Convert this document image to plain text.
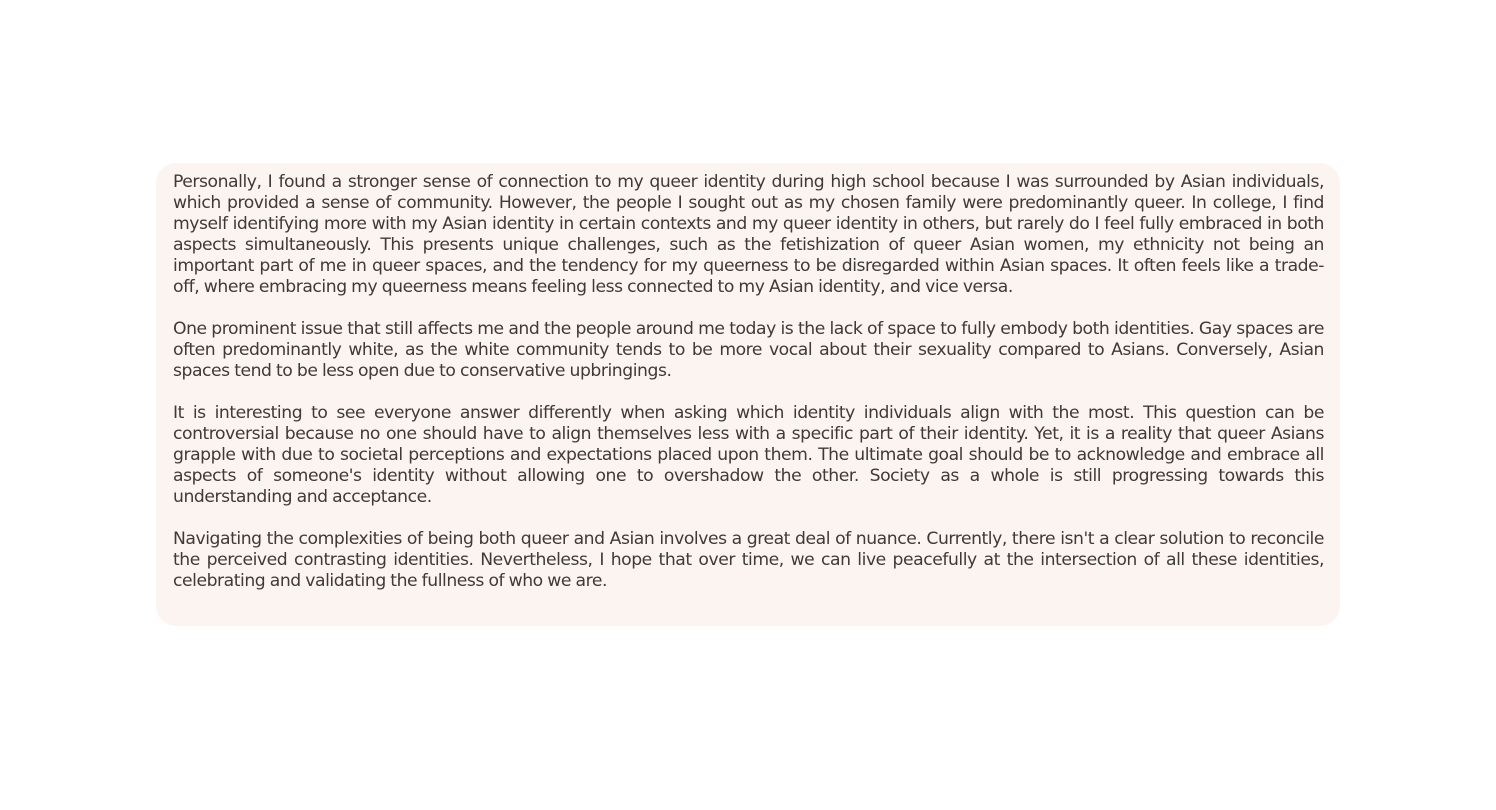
Personally, I found a stronger sense of connection to my queer identity during high school because I was surrounded by Asian individuals, which provided a sense of community. However, the people I sought out as my chosen family were predominantly queer. In college, I find myself identifying more with my Asian identity in certain contexts and my queer identity in others, but rarely do I feel fully embraced in both aspects simultaneously. This presents unique challenges, such as the fetishization of queer Asian women, my ethnicity not being an important part of me in queer spaces, and the tendency for my queerness to be disregarded within Asian spaces. It often feels like a trade-off, where embracing my queerness means feeling less connected to my Asian identity, and vice versa.

One prominent issue that still affects me and the people around me today is the lack of space to fully embody both identities. Gay spaces are often predominantly white, as the white community tends to be more vocal about their sexuality compared to Asians. Conversely, Asian spaces tend to be less open due to conservative upbringings.

It is interesting to see everyone answer differently when asking which identity individuals align with the most. This question can be controversial because no one should have to align themselves less with a specific part of their identity. Yet, it is a reality that queer Asians grapple with due to societal perceptions and expectations placed upon them. The ultimate goal should be to acknowledge and embrace all aspects of someone's identity without allowing one to overshadow the other. Society as a whole is still progressing towards this understanding and acceptance.

Navigating the complexities of being both queer and Asian involves a great deal of nuance. Currently, there isn't a clear solution to reconcile the perceived contrasting identities. Nevertheless, I hope that over time, we can live peacefully at the intersection of all these identities, celebrating and validating the fullness of who we are.
